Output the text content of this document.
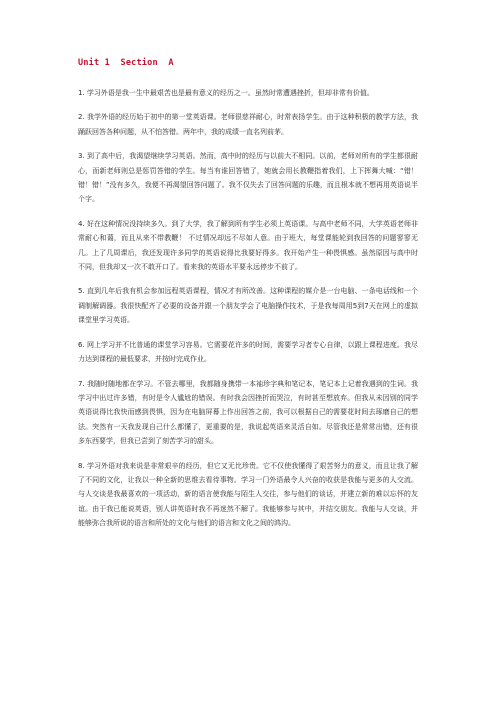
Unit 1  Section  A

1. 学习外语是我一生中最艰苦也是最有意义的经历之一。虽然时常遭遇挫折，但却非常有价值。

2. 我学外语的经历始于初中的第一堂英语课。老师很慈祥耐心，时常表扬学生。由于这种积极的教学方法，我踊跃回答各种问题，从不怕答错。两年中，我的成绩一直名列前茅。

3. 到了高中后，我渴望继续学习英语。然而，高中时的经历与以前大不相同。以前，老师对所有的学生都很耐心，而新老师则总是惩罚答错的学生。每当有谁回答错了，她就会用长教鞭指着我们，上下挥舞大喊：“错！错！错！”没有多久，我便不再渴望回答问题了。我不仅失去了回答问题的乐趣，而且根本就不想再用英语说半个字。

4. 好在这种情况没持续多久。到了大学，我了解到所有学生必须上英语课。与高中老师不同，大学英语老师非常耐心和蔼，而且从来不带教鞭！ 不过情况却远不尽如人意。由于班大，每堂课能轮到我回答的问题寥寥无几。上了几周课后，我还发现许多同学的英语说得比我要好得多。我开始产生一种畏惧感。虽然原因与高中时不同，但我却又一次不敢开口了。看来我的英语水平要永远停步不前了。

5. 直到几年后我有机会参加远程英语课程，情况才有所改善。这种课程的媒介是一台电脑、一条电话线和一个调制解调器。我很快配齐了必要的设备并跟一个朋友学会了电脑操作技术，于是我每周用5到7天在网上的虚拟课堂里学习英语。

6. 网上学习并不比普通的课堂学习容易。它需要花许多的时间，需要学习者专心自律，以跟上课程进度。我尽力达到课程的最低要求，并按时完成作业。

7. 我随时随地都在学习。不管去哪里，我都随身携带一本袖珍字典和笔记本，笔记本上记着我遇到的生词。我学习中出过许多错，有时是令人尴尬的错误。有时我会因挫折而哭泣，有时甚至想放弃。但我从未因别的同学英语说得比我快而感到畏惧，因为在电脑屏幕上作出回答之前，我可以根据自己的需要花时间去琢磨自己的想法。突然有一天我发现自己什么都懂了，更重要的是，我说起英语来灵活自如。尽管我还是常常出错，还有很多东西要学，但我已尝到了刻苦学习的甜头。

8. 学习外语对我来说是非常艰辛的经历，但它又无比珍贵。它不仅使我懂得了艰苦努力的意义，而且让我了解了不同的文化，让我以一种全新的思维去看待事物。学习一门外语最令人兴奋的收获是我能与更多的人交流。与人交谈是我最喜欢的一项活动，新的语言使我能与陌生人交往，参与他们的谈话，并建立新的难以忘怀的友谊。由于我已能说英语，别人讲英语时我不再迷然不解了。我能够参与其中，并结交朋友。我能与人交谈，并能够弥合我所说的语言和所处的文化与他们的语言和文化之间的鸿沟。
